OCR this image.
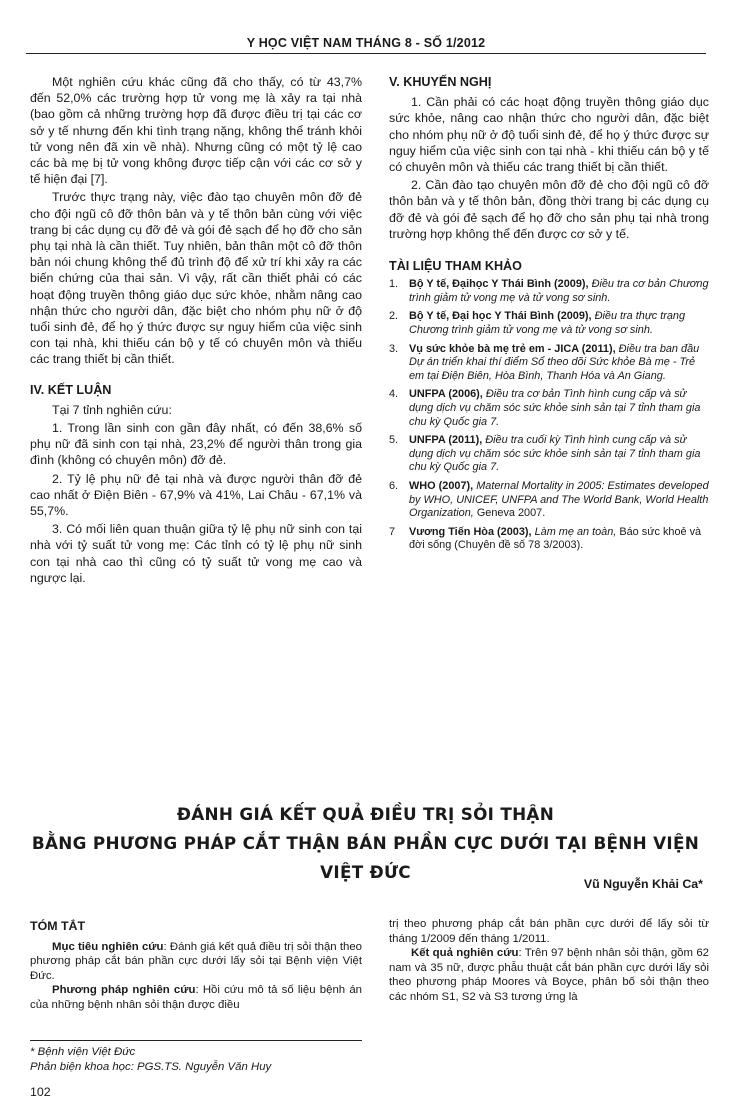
Y HỌC VIỆT NAM THÁNG 8 - SỐ 1/2012

Một nghiên cứu khác cũng đã cho thấy, có từ 43,7% đến 52,0% các trường hợp tử vong mẹ là xảy ra tại nhà (bao gồm cả những trường hợp đã được điều trị tại các cơ sở y tế nhưng đến khi tình trạng nặng, không thể tránh khỏi tử vong nên đã xin về nhà). Nhưng cũng có một tỷ lệ cao các bà mẹ bị tử vong không được tiếp cận với các cơ sở y tế hiện đại [7].

Trước thực trạng này, việc đào tạo chuyên môn đỡ đẻ cho đội ngũ cô đỡ thôn bản và y tế thôn bản cùng với việc trang bị các dụng cụ đỡ đẻ và gói đẻ sạch để họ đỡ cho sản phụ tại nhà là cần thiết. Tuy nhiên, bản thân một cô đỡ thôn bản nói chung không thể đủ trình độ để xử trí khi xảy ra các biến chứng của thai sản. Vì vậy, rất cần thiết phải có các hoạt động truyền thông giáo dục sức khỏe, nhằm nâng cao nhận thức cho người dân, đặc biệt cho nhóm phụ nữ ở độ tuổi sinh đẻ, để họ ý thức được sự nguy hiểm của việc sinh con tại nhà, khi thiếu cán bộ y tế có chuyên môn và thiếu các trang thiết bị cần thiết.

IV. KẾT LUẬN

Tại 7 tỉnh nghiên cứu:

1. Trong lần sinh con gần đây nhất, có đến 38,6% số phụ nữ đã sinh con tại nhà, 23,2% để người thân trong gia đình (không có chuyên môn) đỡ đẻ.

2. Tỷ lệ phụ nữ đẻ tại nhà và được người thân đỡ đẻ cao nhất ở Điện Biên - 67,9% và 41%, Lai Châu - 67,1% và 55,7%.

3. Có mối liên quan thuận giữa tỷ lệ phụ nữ sinh con tại nhà với tỷ suất tử vong mẹ: Các tỉnh có tỷ lệ phụ nữ sinh con tại nhà cao thì cũng có tỷ suất tử vong mẹ cao và ngược lại.

V. KHUYẾN NGHỊ

1. Cần phải có các hoạt động truyền thông giáo dục sức khỏe, nâng cao nhận thức cho người dân, đặc biệt cho nhóm phụ nữ ở độ tuổi sinh đẻ, để họ ý thức được sự nguy hiểm của việc sinh con tại nhà - khi thiếu cán bộ y tế có chuyên môn và thiếu các trang thiết bị cần thiết.

2. Cần đào tạo chuyên môn đỡ đẻ cho đội ngũ cô đỡ thôn bản và y tế thôn bản, đồng thời trang bị các dụng cụ đỡ đẻ và gói đẻ sạch để họ đỡ cho sản phụ tại nhà trong trường hợp không thể đến được cơ sở y tế.

TÀI LIỆU THAM KHẢO
1. Bộ Y tế, Đạihọc Y Thái Bình (2009), Điều tra cơ bản Chương trình giảm tử vong mẹ và tử vong sơ sinh.
2. Bộ Y tế, Đại học Y Thái Bình (2009), Điều tra thực trạng Chương trình giảm tử vong mẹ và tử vong sơ sinh.
3. Vụ sức khỏe bà mẹ trẻ em - JICA (2011), Điều tra ban đầu Dự án triển khai thí điểm Sổ theo dõi Sức khỏe Bà mẹ - Trẻ em tại Điện Biên, Hòa Bình, Thanh Hóa và An Giang.
4. UNFPA (2006), Điều tra cơ bản Tình hình cung cấp và sử dụng dịch vụ chăm sóc sức khỏe sinh sản tại 7 tỉnh tham gia chu kỳ Quốc gia 7.
5. UNFPA (2011), Điều tra cuối kỳ Tình hình cung cấp và sử dụng dịch vụ chăm sóc sức khỏe sinh sản tại 7 tỉnh tham gia chu kỳ Quốc gia 7.
6. WHO (2007), Maternal Mortality in 2005: Estimates developed by WHO, UNICEF, UNFPA and The World Bank, World Health Organization, Geneva 2007.
7 Vương Tiến Hòa (2003), Làm mẹ an toàn, Báo sức khoẻ và đời sống (Chuyên đề số 78 3/2003).
ĐÁNH GIÁ KẾT QUẢ ĐIỀU TRỊ SỎI THẬN
BẰNG PHƯƠNG PHÁP CẮT THẬN BÁN PHẦN CỰC DƯỚI TẠI BỆNH VIỆN VIỆT ĐỨC
Vũ Nguyễn Khải Ca*
TÓM TẮT

Mục tiêu nghiên cứu: Đánh giá kết quả điều trị sỏi thận theo phương pháp cắt bán phần cực dưới lấy sỏi tại Bệnh viện Việt Đức.

Phương pháp nghiên cứu: Hồi cứu mô tả số liệu bệnh án của những bệnh nhân sỏi thận được điều

trị theo phương pháp cắt bán phần cực dưới để lấy sỏi từ tháng 1/2009 đến tháng 1/2011.

Kết quả nghiên cứu: Trên 97 bệnh nhân sỏi thận, gồm 62 nam và 35 nữ, được phẫu thuật cắt bán phần cực dưới lấy sỏi theo phương pháp Moores và Boyce, phân bố sỏi thận theo các nhóm S1, S2 và S3 tương ứng là

* Bệnh viện Việt Đức
Phản biện khoa học: PGS.TS. Nguyễn Văn Huy
102
